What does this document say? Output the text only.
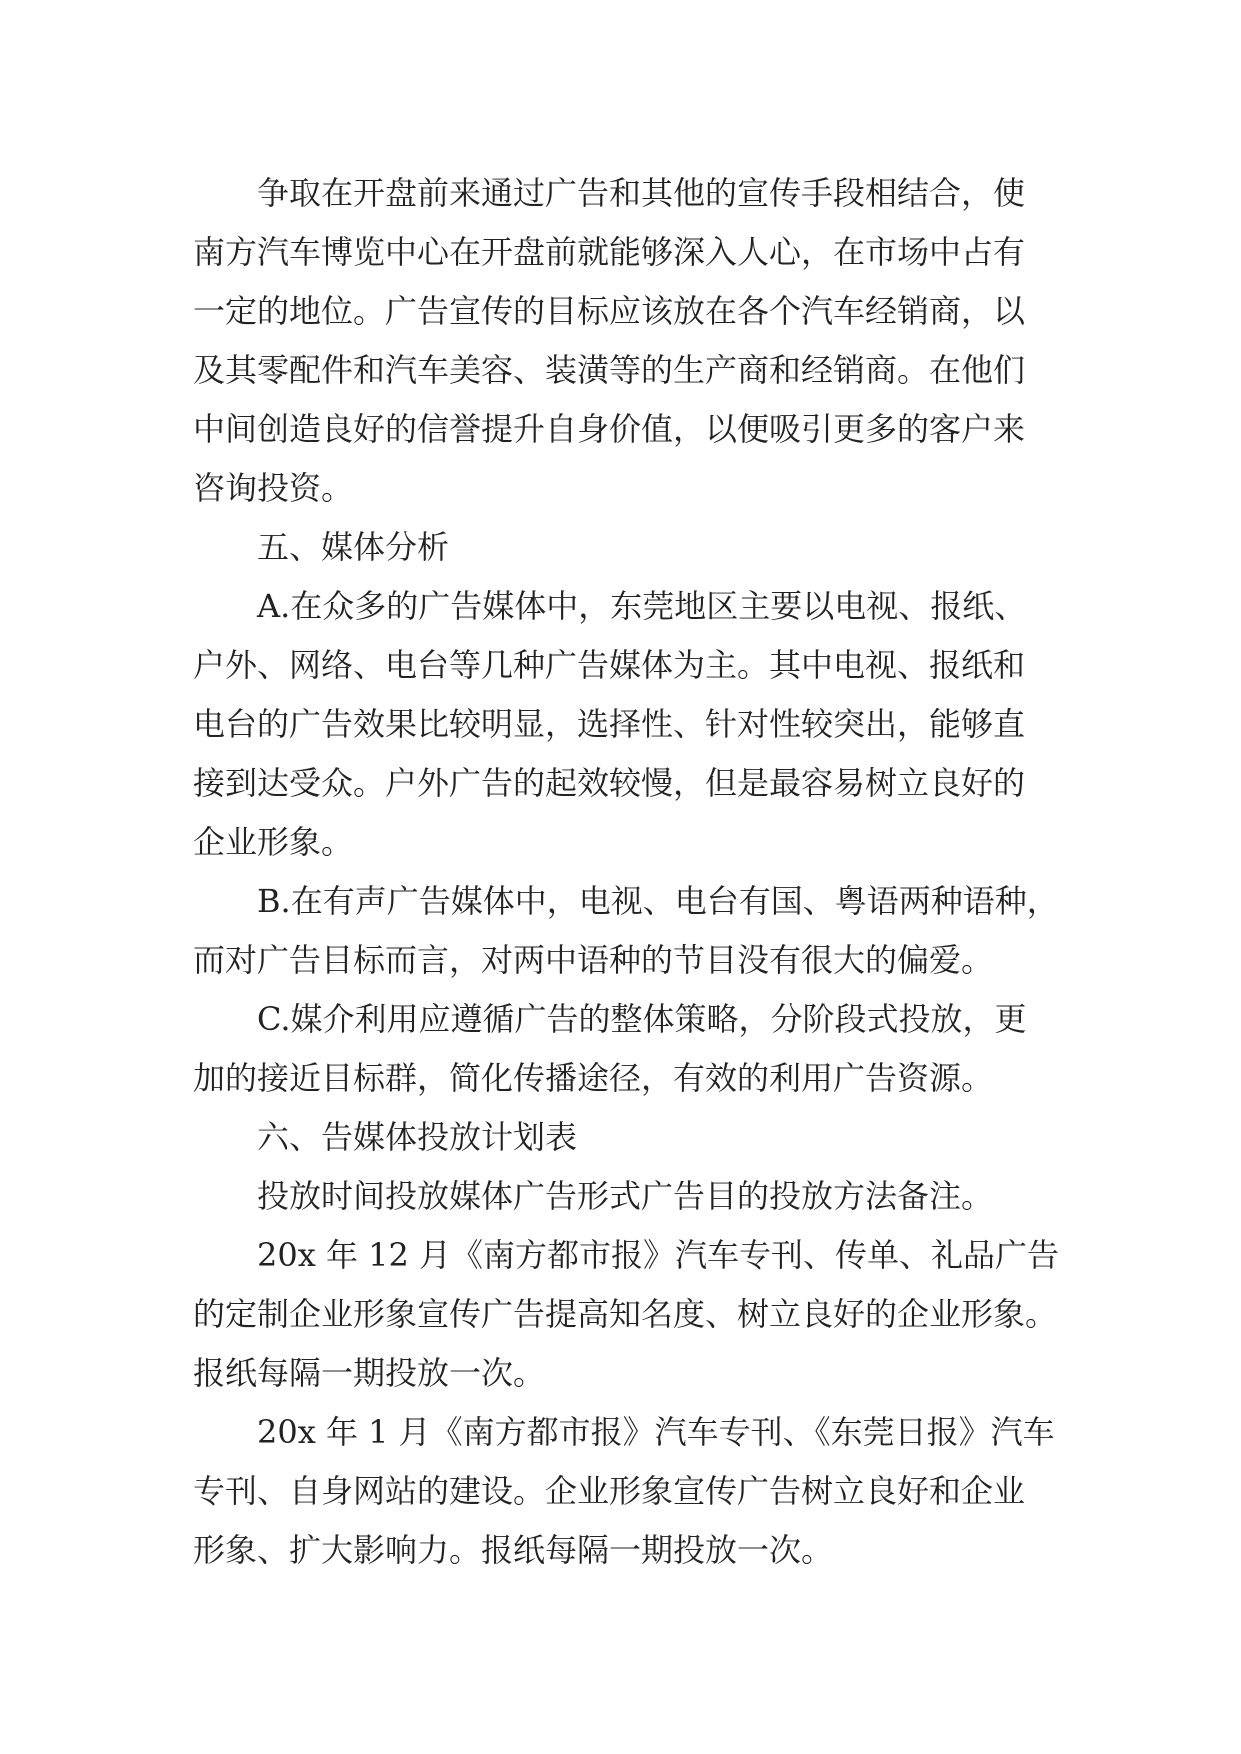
争取在开盘前来通过广告和其他的宣传手段相结合，使
南方汽车博览中心在开盘前就能够深入人心，在市场中占有
一定的地位。广告宣传的目标应该放在各个汽车经销商，以
及其零配件和汽车美容、装潢等的生产商和经销商。在他们
中间创造良好的信誉提升自身价值，以便吸引更多的客户来
咨询投资。
五、媒体分析
A.在众多的广告媒体中，东莞地区主要以电视、报纸、
户外、网络、电台等几种广告媒体为主。其中电视、报纸和
电台的广告效果比较明显，选择性、针对性较突出，能够直
接到达受众。户外广告的起效较慢，但是最容易树立良好的
企业形象。
B.在有声广告媒体中，电视、电台有国、粤语两种语种，
而对广告目标而言，对两中语种的节目没有很大的偏爱。
C.媒介利用应遵循广告的整体策略，分阶段式投放，更
加的接近目标群，简化传播途径，有效的利用广告资源。
六、告媒体投放计划表
投放时间投放媒体广告形式广告目的投放方法备注。
20x 年 12 月《南方都市报》汽车专刊、传单、礼品广告
的定制企业形象宣传广告提高知名度、树立良好的企业形象。
报纸每隔一期投放一次。
20x 年 1 月《南方都市报》汽车专刊、《东莞日报》汽车
专刊、自身网站的建设。企业形象宣传广告树立良好和企业
形象、扩大影响力。报纸每隔一期投放一次。
